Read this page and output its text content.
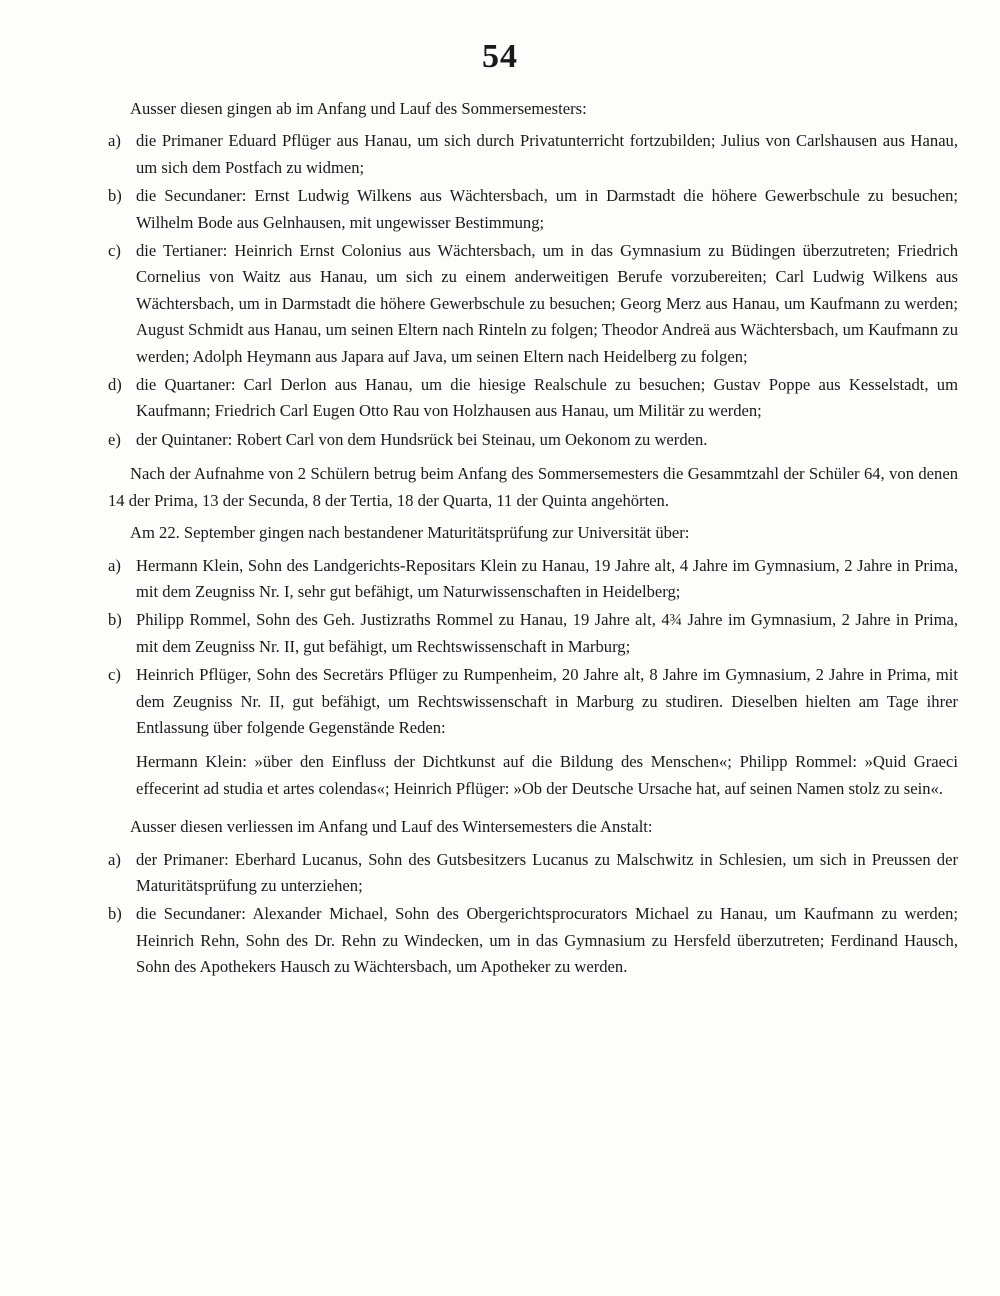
54

Ausser diesen gingen ab im Anfang und Lauf des Sommersemesters:

a) die Primaner Eduard Pflüger aus Hanau, um sich durch Privatunterricht fortzubilden; Julius von Carlshausen aus Hanau, um sich dem Postfach zu widmen;
b) die Secundaner: Ernst Ludwig Wilkens aus Wächtersbach, um in Darmstadt die höhere Gewerbschule zu besuchen; Wilhelm Bode aus Gelnhausen, mit ungewisser Bestimmung;
c) die Tertianer: Heinrich Ernst Colonius aus Wächtersbach, um in das Gymnasium zu Büdingen überzutreten; Friedrich Cornelius von Waitz aus Hanau, um sich zu einem anderweitigen Berufe vorzubereiten; Carl Ludwig Wilkens aus Wächtersbach, um in Darmstadt die höhere Gewerbschule zu besuchen; Georg Merz aus Hanau, um Kaufmann zu werden; August Schmidt aus Hanau, um seinen Eltern nach Rinteln zu folgen; Theodor Andreä aus Wächtersbach, um Kaufmann zu werden; Adolph Heymann aus Japara auf Java, um seinen Eltern nach Heidelberg zu folgen;
d) die Quartaner: Carl Derlon aus Hanau, um die hiesige Realschule zu besuchen; Gustav Poppe aus Kesselstadt, um Kaufmann; Friedrich Carl Eugen Otto Rau von Holzhausen aus Hanau, um Militär zu werden;
e) der Quintaner: Robert Carl von dem Hundsrück bei Steinau, um Oekonom zu werden.

Nach der Aufnahme von 2 Schülern betrug beim Anfang des Sommersemesters die Gesammtzahl der Schüler 64, von denen 14 der Prima, 13 der Secunda, 8 der Tertia, 18 der Quarta, 11 der Quinta angehörten.

Am 22. September gingen nach bestandener Maturitätsprüfung zur Universität über:

a) Hermann Klein, Sohn des Landgerichts-Repositars Klein zu Hanau, 19 Jahre alt, 4 Jahre im Gymnasium, 2 Jahre in Prima, mit dem Zeugniss Nr. I, sehr gut befähigt, um Naturwissenschaften in Heidelberg;
b) Philipp Rommel, Sohn des Geh. Justizraths Rommel zu Hanau, 19 Jahre alt, 4¾ Jahre im Gymnasium, 2 Jahre in Prima, mit dem Zeugniss Nr. II, gut befähigt, um Rechtswissenschaft in Marburg;
c) Heinrich Pflüger, Sohn des Secretärs Pflüger zu Rumpenheim, 20 Jahre alt, 8 Jahre im Gymnasium, 2 Jahre in Prima, mit dem Zeugniss Nr. II, gut befähigt, um Rechtswissenschaft in Marburg zu studiren. Dieselben hielten am Tage ihrer Entlassung über folgende Gegenstände Reden:

Hermann Klein: »über den Einfluss der Dichtkunst auf die Bildung des Menschen«; Philipp Rommel: »Quid Graeci effecerint ad studia et artes colendas«; Heinrich Pflüger: »Ob der Deutsche Ursache hat, auf seinen Namen stolz zu sein«.

Ausser diesen verliessen im Anfang und Lauf des Wintersemesters die Anstalt:

a) der Primaner: Eberhard Lucanus, Sohn des Gutsbesitzers Lucanus zu Malschwitz in Schlesien, um sich in Preussen der Maturitätsprüfung zu unterziehen;
b) die Secundaner: Alexander Michael, Sohn des Obergerichtsprocurators Michael zu Hanau, um Kaufmann zu werden; Heinrich Rehn, Sohn des Dr. Rehn zu Windecken, um in das Gymnasium zu Hersfeld überzutreten; Ferdinand Hausch, Sohn des Apothekers Hausch zu Wächtersbach, um Apotheker zu werden.
